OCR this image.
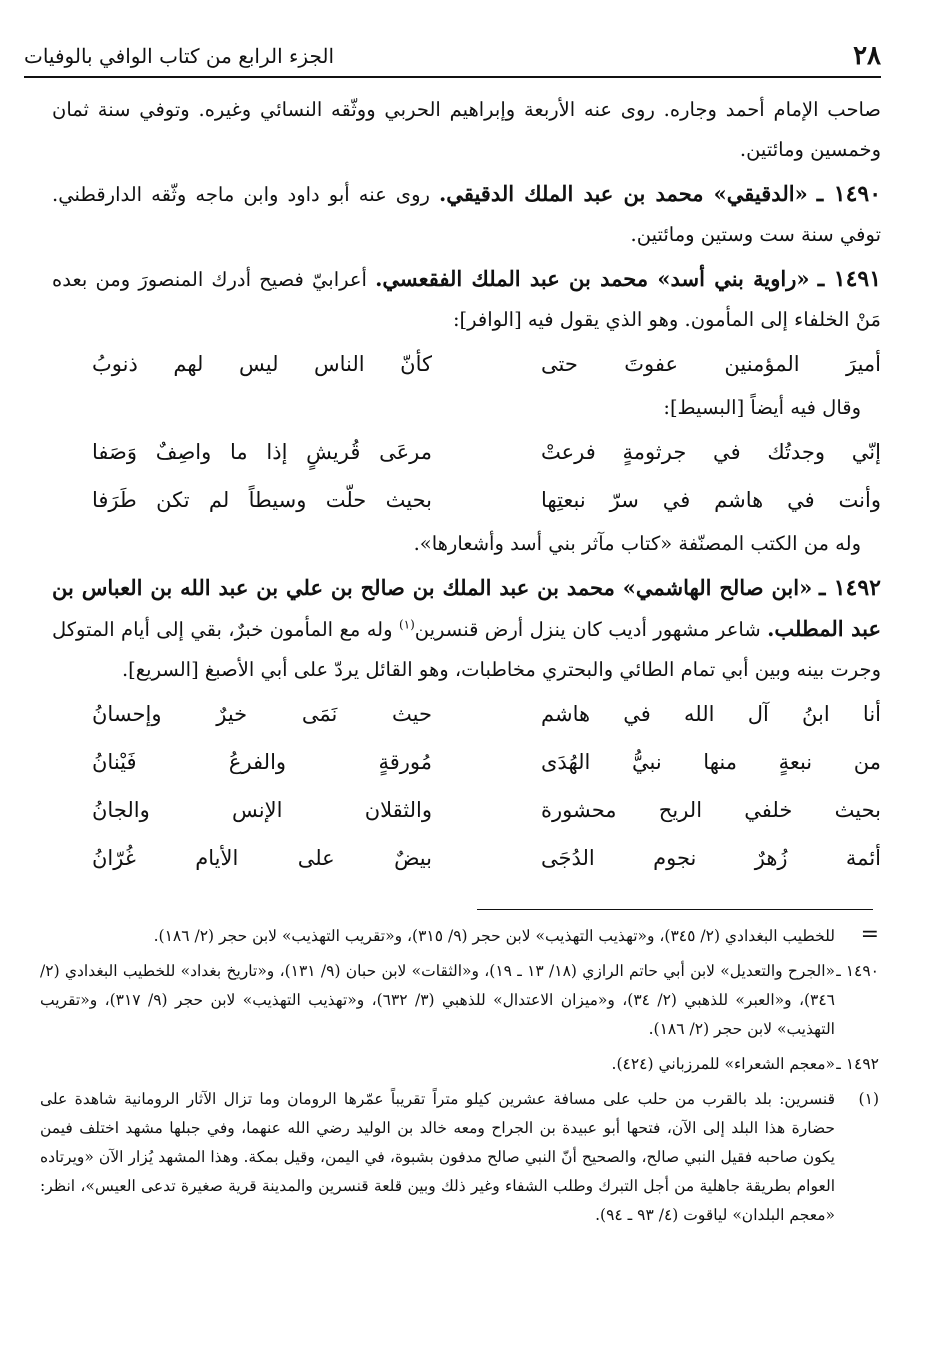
٢٨
الجزء الرابع من كتاب الوافي بالوفيات

صاحب الإمام أحمد وجاره. روى عنه الأربعة وإبراهيم الحربي ووثّقه النسائي وغيره. وتوفي سنة ثمان وخمسين ومائتين.

١٤٩٠ ـ «الدقيقي» محمد بن عبد الملك الدقيقي. روى عنه أبو داود وابن ماجه وثّقه الدارقطني. توفي سنة ست وستين ومائتين.

١٤٩١ ـ «راوية بني أسد» محمد بن عبد الملك الفقعسي. أعرابيّ فصيح أدرك المنصورَ ومن بعده مَنْ الخلفاء إلى المأمون. وهو الذي يقول فيه [الوافر]:

أميرَ المؤمنين عفوتَ حتى
كأنّ الناس ليس لهم ذنوبُ

وقال فيه أيضاً [البسيط]:

إنّي وجدتُك في جرثومةٍ فرعتْ
مرعَى قُريشٍ إذا ما واصِفٌ وَصَفا
وأنت في هاشم في سرّ نبعتِها
بحيث حلّت وسيطاً لم تكن طَرَفا

وله من الكتب المصنّفة «كتاب مآثر بني أسد وأشعارها».

١٤٩٢ ـ «ابن صالح الهاشمي» محمد بن عبد الملك بن صالح بن علي بن عبد الله بن العباس بن عبد المطلب. شاعر مشهور أديب كان ينزل أرض قنسرين$^{(١)}$ وله مع المأمون خبرٌ، بقي إلى أيام المتوكل وجرت بينه وبين أبي تمام الطائي والبحتري مخاطبات، وهو القائل يردّ على أبي الأصبغ [السريع].

أنا ابنُ آل الله في هاشم
حيث نَمَى خيرٌ وإحسانُ
من نبعةٍ منها نبيُّ الهُدَى
مُورقةٍ والفرعُ فَيْنانُ
بحيث خلفي الريح محشورة
والثقلان الإنس والجانُ
أئمة زُهرٌ نجوم الدُجَى
بيضٌ على الأيام غُرّانُ
=
للخطيب البغدادي (٢/ ٣٤٥)، و«تهذيب التهذيب» لابن حجر (٩/ ٣١٥)، و«تقريب التهذيب» لابن حجر (٢/ ١٨٦).
١٤٩٠ ـ
«الجرح والتعديل» لابن أبي حاتم الرازي (١٨/ ١٣ ـ ١٩)، و«الثقات» لابن حبان (٩/ ١٣١)، و«تاريخ بغداد» للخطيب البغدادي (٢/ ٣٤٦)، و«العبر» للذهبي (٢/ ٣٤)، و«ميزان الاعتدال» للذهبي (٣/ ٦٣٢)، و«تهذيب التهذيب» لابن حجر (٩/ ٣١٧)، و«تقريب التهذيب» لابن حجر (٢/ ١٨٦).
١٤٩٢ ـ
«معجم الشعراء» للمرزباني (٤٢٤).
(١)
قنسرين: بلد بالقرب من حلب على مسافة عشرين كيلو متراً تقريباً عمّرها الرومان وما تزال الآثار الرومانية شاهدة على حضارة هذا البلد إلى الآن، فتحها أبو عبيدة بن الجراح ومعه خالد بن الوليد رضي الله عنهما، وفي جبلها مشهد اختلف فيمن يكون صاحبه فقيل النبي صالح، والصحيح أنّ النبي صالح مدفون بشبوة، في اليمن، وقيل بمكة. وهذا المشهد يُزار الآن «ويرتاده العوام بطريقة جاهلية من أجل التبرك وطلب الشفاء وغير ذلك وبين قلعة قنسرين والمدينة قرية صغيرة تدعى العيس»، انظر: «معجم البلدان» لياقوت (٤/ ٩٣ ـ ٩٤).
